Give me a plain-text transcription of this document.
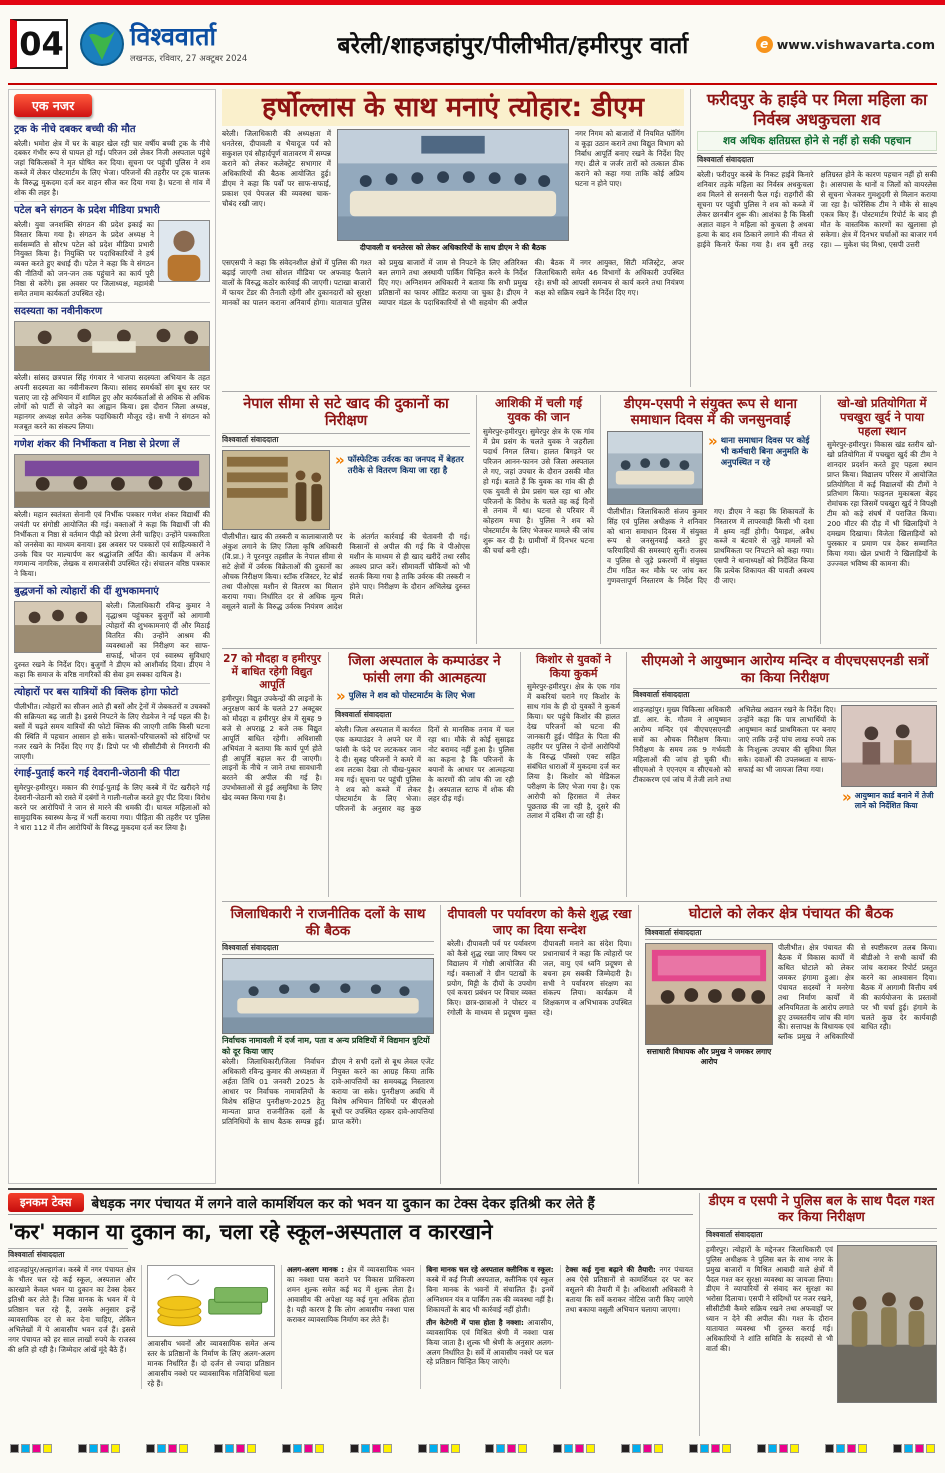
04	विश्ववार्ता
लखनऊ, रविवार, 27 अक्टूबर 2024	बरेली/शाहजहांपुर/पीलीभीत/हमीरपुर वार्ता	e www.vishwavarta.com
एक नजर
ट्रक के नीचे दबकर बच्ची की मौत
बरेली। भमोरा क्षेत्र में घर के बाहर खेल रही चार वर्षीय बच्ची ट्रक के नीचे दबकर गंभीर रूप से घायल हो गई। परिजन उसे लेकर निजी अस्पताल पहुंचे जहां चिकित्सकों ने मृत घोषित कर दिया। सूचना पर पहुंची पुलिस ने शव कब्जे में लेकर पोस्टमार्टम के लिए भेजा। परिजनों की तहरीर पर ट्रक चालक के विरुद्ध मुकदमा दर्ज कर वाहन सीज कर दिया गया है। घटना से गांव में शोक की लहर है।
पटेल बने संगठन के प्रदेश मीडिया प्रभारी
बरेली। युवा जनशक्ति संगठन की प्रदेश इकाई का विस्तार किया गया है। संगठन के प्रदेश अध्यक्ष ने सर्वसम्मति से सौरभ पटेल को प्रदेश मीडिया प्रभारी नियुक्त किया है। नियुक्ति पर पदाधिकारियों ने हर्ष व्यक्त करते हुए बधाई दी। पटेल ने कहा कि वे संगठन की नीतियों को जन-जन तक पहुंचाने का कार्य पूरी निष्ठा से करेंगे। इस अवसर पर जिलाध्यक्ष, महामंत्री समेत तमाम कार्यकर्ता उपस्थित रहे।
सदस्यता का नवीनीकरण
बरेली। सांसद छत्रपाल सिंह गंगवार ने भाजपा सदस्यता अभियान के तहत अपनी सदस्यता का नवीनीकरण किया। सांसद समर्थकों संग बूथ स्तर पर चलाए जा रहे अभियान में शामिल हुए और कार्यकर्ताओं से अधिक से अधिक लोगों को पार्टी से जोड़ने का आह्वान किया। इस दौरान जिला अध्यक्ष, महानगर अध्यक्ष समेत अनेक पदाधिकारी मौजूद रहे। सभी ने संगठन को मजबूत करने का संकल्प लिया।
गणेश शंकर की निर्भीकता व निष्ठा से प्रेरणा लें
बरेली। महान स्वतंत्रता सेनानी एवं निर्भीक पत्रकार गणेश शंकर विद्यार्थी की जयंती पर संगोष्ठी आयोजित की गई। वक्ताओं ने कहा कि विद्यार्थी जी की निर्भीकता व निष्ठा से वर्तमान पीढ़ी को प्रेरणा लेनी चाहिए। उन्होंने पत्रकारिता को जनसेवा का माध्यम बनाया। इस अवसर पर पत्रकारों एवं साहित्यकारों ने उनके चित्र पर माल्यार्पण कर श्रद्धांजलि अर्पित की। कार्यक्रम में अनेक गणमान्य नागरिक, लेखक व समाजसेवी उपस्थित रहे। संचालन वरिष्ठ पत्रकार ने किया।
बुद्धजनों को त्योहारों की दीं शुभकामनाएं
बरेली। जिलाधिकारी रविन्द्र कुमार ने वृद्धाश्रम पहुंचकर बुजुर्गों को आगामी त्योहारों की शुभकामनाएं दीं और मिठाई वितरित की। उन्होंने आश्रम की व्यवस्थाओं का निरीक्षण कर साफ-सफाई, भोजन एवं स्वास्थ्य सुविधाएं दुरुस्त रखने के निर्देश दिए। बुजुर्गों ने डीएम को आशीर्वाद दिया। डीएम ने कहा कि समाज के वरिष्ठ नागरिकों की सेवा हम सबका दायित्व है।
त्योहारों पर बस यात्रियों की क्लिक होगा फोटो
पीलीभीत। त्योहारों का सीजन आते ही बसों और ट्रेनों में जेबकतरों व उचक्कों की सक्रियता बढ़ जाती है। इससे निपटने के लिए रोडवेज ने नई पहल की है। बसों में चढ़ते समय यात्रियों की फोटो क्लिक की जाएगी ताकि किसी घटना की स्थिति में पहचान आसान हो सके। चालकों-परिचालकों को संदिग्धों पर नजर रखने के निर्देश दिए गए हैं। डिपो पर भी सीसीटीवी से निगरानी की जाएगी।
रंगाई-पुताई करने गई देवरानी-जेठानी की पीटा
सुमेरपुर-हमीरपुर। मकान की रंगाई-पुताई के लिए कस्बे में पेंट खरीदने गई देवरानी-जेठानी को रास्ते में दबंगों ने गाली-गलौज करते हुए पीट दिया। विरोध करने पर आरोपियों ने जान से मारने की धमकी दी। घायल महिलाओं को सामुदायिक स्वास्थ्य केन्द्र में भर्ती कराया गया। पीड़िता की तहरीर पर पुलिस ने धारा 112 में तीन आरोपियों के विरुद्ध मुकदमा दर्ज कर लिया है।
हर्षोल्लास के साथ मनाएं त्योहार: डीएम
बरेली। जिलाधिकारी की अध्यक्षता में धनतेरस, दीपावली व भैयादूज पर्व को सकुशल एवं सौहार्दपूर्ण वातावरण में सम्पन्न कराने को लेकर कलेक्ट्रेट सभागार में अधिकारियों की बैठक आयोजित हुई। डीएम ने कहा कि पर्वों पर साफ-सफाई, प्रकाश एवं पेयजल की व्यवस्था चाक-चौबंद रखी जाए।
दीपावली व धनतेरस को लेकर अधिकारियों के साथ डीएम ने की बैठक
नगर निगम को बाजारों में नियमित फॉगिंग व कूड़ा उठान कराने तथा विद्युत विभाग को निर्बाध आपूर्ति बनाए रखने के निर्देश दिए गए। ढीले व जर्जर तारों को तत्काल ठीक कराने को कहा गया ताकि कोई अप्रिय घटना न होने पाए।
एसएसपी ने कहा कि संवेदनशील क्षेत्रों में पुलिस की गश्त बढ़ाई जाएगी तथा सोशल मीडिया पर अफवाह फैलाने वालों के विरुद्ध कठोर कार्रवाई की जाएगी। पटाखा बाजारों में फायर टेंडर की तैनाती रहेगी और दुकानदारों को सुरक्षा मानकों का पालन कराना अनिवार्य होगा। यातायात पुलिस को प्रमुख बाजारों में जाम से निपटने के लिए अतिरिक्त बल लगाने तथा अस्थायी पार्किंग चिन्हित करने के निर्देश दिए गए। अग्निशमन अधिकारी ने बताया कि सभी प्रमुख प्रतिष्ठानों का फायर ऑडिट कराया जा चुका है। डीएम ने व्यापार मंडल के पदाधिकारियों से भी सहयोग की अपील की। बैठक में नगर आयुक्त, सिटी मजिस्ट्रेट, अपर जिलाधिकारी समेत 46 विभागों के अधिकारी उपस्थित रहे। सभी को आपसी समन्वय से कार्य करने तथा नियंत्रण कक्ष को सक्रिय रखने के निर्देश दिए गए।
फरीदपुर के हाईवे पर मिला महिला का निर्वस्त्र अधकुचला शव
शव अधिक क्षतिग्रस्त होने से नहीं हो सकी पहचान
विश्ववार्ता संवाददाता
बरेली। फरीदपुर कस्बे के निकट हाईवे किनारे शनिवार तड़के महिला का निर्वस्त्र अधकुचला शव मिलने से सनसनी फैल गई। राहगीरों की सूचना पर पहुंची पुलिस ने शव को कब्जे में लेकर छानबीन शुरू की। आशंका है कि किसी अज्ञात वाहन ने महिला को कुचला है अथवा हत्या के बाद शव ठिकाने लगाने की नीयत से हाईवे किनारे फेंका गया है। शव बुरी तरह क्षतिग्रस्त होने के कारण पहचान नहीं हो सकी है। आसपास के थानों व जिलों को वायरलेस से सूचना भेजकर गुमशुदगी से मिलान कराया जा रहा है। फोरेंसिक टीम ने मौके से साक्ष्य एकत्र किए हैं। पोस्टमार्टम रिपोर्ट के बाद ही मौत के वास्तविक कारणों का खुलासा हो सकेगा। क्षेत्र में दिनभर चर्चाओं का बाजार गर्म रहा। — मुकेश चंद मिश्रा, एसपी उत्तरी
नेपाल सीमा से सटे खाद की दुकानों का निरीक्षण
विश्ववार्ता संवाददाता
» फॉस्फेटिक उर्वरक का जनपद में बेहतर तरीके से वितरण किया जा रहा है
पीलीभीत। खाद की तस्करी व कालाबाजारी पर अंकुश लगाने के लिए जिला कृषि अधिकारी (वि.प्रा.) ने पूरनपुर तहसील के नेपाल सीमा से सटे क्षेत्रों में उर्वरक विक्रेताओं की दुकानों का औचक निरीक्षण किया। स्टॉक रजिस्टर, रेट बोर्ड तथा पीओएस मशीन से वितरण का मिलान कराया गया। निर्धारित दर से अधिक मूल्य वसूलने वालों के विरुद्ध उर्वरक नियंत्रण आदेश के अंतर्गत कार्रवाई की चेतावनी दी गई। किसानों से अपील की गई कि वे पीओएस मशीन के माध्यम से ही खाद खरीदें तथा रसीद अवश्य प्राप्त करें। सीमावर्ती चौकियों को भी सतर्क किया गया है ताकि उर्वरक की तस्करी न होने पाए। निरीक्षण के दौरान अभिलेख दुरुस्त मिले।
आशिकी में चली गई युवक की जान
सुमेरपुर-हमीरपुर। सुमेरपुर क्षेत्र के एक गांव में प्रेम प्रसंग के चलते युवक ने जहरीला पदार्थ निगल लिया। हालत बिगड़ने पर परिजन आनन-फानन उसे जिला अस्पताल ले गए, जहां उपचार के दौरान उसकी मौत हो गई। बताते हैं कि युवक का गांव की ही एक युवती से प्रेम प्रसंग चल रहा था और परिजनों के विरोध के चलते वह कई दिनों से तनाव में था। घटना से परिवार में कोहराम मचा है। पुलिस ने शव को पोस्टमार्टम के लिए भेजकर मामले की जांच शुरू कर दी है। ग्रामीणों में दिनभर घटना की चर्चा बनी रही।
डीएम-एसपी ने संयुक्त रूप से थाना समाधान दिवस में की जनसुनवाई
» थाना समाधान दिवस पर कोई भी कर्मचारी बिना अनुमति के अनुपस्थित न रहे
पीलीभीत। जिलाधिकारी संजय कुमार सिंह एवं पुलिस अधीक्षक ने शनिवार को थाना समाधान दिवस में संयुक्त रूप से जनसुनवाई करते हुए फरियादियों की समस्याएं सुनीं। राजस्व व पुलिस से जुड़े प्रकरणों में संयुक्त टीम गठित कर मौके पर जांच कर गुणवत्तापूर्ण निस्तारण के निर्देश दिए गए। डीएम ने कहा कि शिकायतों के निस्तारण में लापरवाही किसी भी दशा में क्षम्य नहीं होगी। पैमाइश, अवैध कब्जे व बंटवारे से जुड़े मामलों को प्राथमिकता पर निपटाने को कहा गया। एसपी ने थानाध्यक्षों को निर्देशित किया कि प्रत्येक शिकायत की पावती अवश्य दी जाए।
खो-खो प्रतियोगिता में पचखुरा खुर्द ने पाया पहला स्थान
सुमेरपुर-हमीरपुर। विकास खंड स्तरीय खो-खो प्रतियोगिता में पचखुरा खुर्द की टीम ने शानदार प्रदर्शन करते हुए पहला स्थान प्राप्त किया। विद्यालय परिसर में आयोजित प्रतियोगिता में कई विद्यालयों की टीमों ने प्रतिभाग किया। फाइनल मुकाबला बेहद रोमांचक रहा जिसमें पचखुरा खुर्द ने विपक्षी टीम को कड़े संघर्ष में पराजित किया। 200 मीटर की दौड़ में भी खिलाड़ियों ने दमखम दिखाया। विजेता खिलाड़ियों को पुरस्कार व प्रमाण पत्र देकर सम्मानित किया गया। खेल प्रभारी ने खिलाड़ियों के उज्ज्वल भविष्य की कामना की।
27 को मौदहा व हमीरपुर में बाधित रहेगी विद्युत आपूर्ति
हमीरपुर। विद्युत उपकेन्द्रों की लाइनों के अनुरक्षण कार्य के चलते 27 अक्टूबर को मौदहा व हमीरपुर क्षेत्र में सुबह 9 बजे से अपराह्न 2 बजे तक विद्युत आपूर्ति बाधित रहेगी। अधिशासी अभियंता ने बताया कि कार्य पूर्ण होते ही आपूर्ति बहाल कर दी जाएगी। लाइनों के नीचे न जाने तथा सावधानी बरतने की अपील की गई है। उपभोक्ताओं से हुई असुविधा के लिए खेद व्यक्त किया गया है।
जिला अस्पताल के कम्पाउंडर ने फांसी लगा की आत्महत्या
» पुलिस ने शव को पोस्टमार्टम के लिए भेजा
विश्ववार्ता संवाददाता
बरेली। जिला अस्पताल में कार्यरत एक कम्पाउंडर ने अपने घर में फांसी के फंदे पर लटककर जान दे दी। सुबह परिजनों ने कमरे में शव लटका देखा तो चीख-पुकार मच गई। सूचना पर पहुंची पुलिस ने शव को कब्जे में लेकर पोस्टमार्टम के लिए भेजा। परिजनों के अनुसार वह कुछ दिनों से मानसिक तनाव में चल रहा था। मौके से कोई सुसाइड नोट बरामद नहीं हुआ है। पुलिस का कहना है कि परिजनों के बयानों के आधार पर आत्महत्या के कारणों की जांच की जा रही है। अस्पताल स्टाफ में शोक की लहर दौड़ गई।
किशोर से युवकों ने किया कुकर्म
सुमेरपुर-हमीरपुर। क्षेत्र के एक गांव में बकरियां चराने गए किशोर के साथ गांव के ही दो युवकों ने कुकर्म किया। घर पहुंचे किशोर की हालत देख परिजनों को घटना की जानकारी हुई। पीड़ित के पिता की तहरीर पर पुलिस ने दोनों आरोपियों के विरुद्ध पॉक्सो एक्ट सहित संबंधित धाराओं में मुकदमा दर्ज कर लिया है। किशोर को मेडिकल परीक्षण के लिए भेजा गया है। एक आरोपी को हिरासत में लेकर पूछताछ की जा रही है, दूसरे की तलाश में दबिश दी जा रही है।
सीएमओ ने आयुष्मान आरोग्य मन्दिर व वीएचएसएनडी सत्रों का किया निरीक्षण
विश्ववार्ता संवाददाता
शाहजहांपुर। मुख्य चिकित्सा अधिकारी डॉ. आर. के. गौतम ने आयुष्मान आरोग्य मन्दिर एवं वीएचएसएनडी सत्रों का औचक निरीक्षण किया। निरीक्षण के समय तक 9 गर्भवती महिलाओं की जांच हो चुकी थी। सीएमओ ने एएनएम व सीएचओ को टीकाकरण एवं जांच में तेजी लाने तथा अभिलेख अद्यतन रखने के निर्देश दिए। उन्होंने कहा कि पात्र लाभार्थियों के आयुष्मान कार्ड प्राथमिकता पर बनाए जाएं ताकि उन्हें पांच लाख रुपये तक के निःशुल्क उपचार की सुविधा मिल सके। दवाओं की उपलब्धता व साफ-सफाई का भी जायजा लिया गया।
» आयुष्मान कार्ड बनाने में तेजी लाने को निर्देशित किया
जिलाधिकारी ने राजनीतिक दलों के साथ की बैठक
विश्ववार्ता संवाददाता
निर्वाचक नामावली में दर्ज नाम, पता व अन्य प्रविष्टियों में विद्यमान त्रुटियों को दूर किया जाए
बरेली। जिलाधिकारी/जिला निर्वाचन अधिकारी रविन्द्र कुमार की अध्यक्षता में अर्हता तिथि 01 जनवरी 2025 के आधार पर निर्वाचक नामावलियों के विशेष संक्षिप्त पुनरीक्षण-2025 हेतु मान्यता प्राप्त राजनीतिक दलों के प्रतिनिधियों के साथ बैठक सम्पन्न हुई। डीएम ने सभी दलों से बूथ लेवल एजेंट नियुक्त करने का आग्रह किया ताकि दावे-आपत्तियों का समयबद्ध निस्तारण कराया जा सके। पुनरीक्षण अवधि में विशेष अभियान तिथियों पर बीएलओ बूथों पर उपस्थित रहकर दावे-आपत्तियां प्राप्त करेंगे।
दीपावली पर पर्यावरण को कैसे शुद्ध रखा जाए का दिया सन्देश
बरेली। दीपावली पर्व पर पर्यावरण को कैसे शुद्ध रखा जाए विषय पर विद्यालय में गोष्ठी आयोजित की गई। वक्ताओं ने ग्रीन पटाखों के प्रयोग, मिट्टी के दीयों के उपयोग एवं कचरा प्रबंधन पर विचार व्यक्त किए। छात्र-छात्राओं ने पोस्टर व रंगोली के माध्यम से प्रदूषण मुक्त दीपावली मनाने का संदेश दिया। प्रधानाचार्य ने कहा कि त्योहारों पर जल, वायु एवं ध्वनि प्रदूषण से बचना हम सबकी जिम्मेदारी है। सभी ने पर्यावरण संरक्षण का संकल्प लिया। कार्यक्रम में शिक्षकगण व अभिभावक उपस्थित रहे।
घोटाले को लेकर क्षेत्र पंचायत की बैठक
विश्ववार्ता संवाददाता
सत्ताधारी विधायक और प्रमुख ने जमकर लगाए आरोप
पीलीभीत। क्षेत्र पंचायत की बैठक में विकास कार्यों में कथित घोटाले को लेकर जमकर हंगामा हुआ। क्षेत्र पंचायत सदस्यों ने मनरेगा तथा निर्माण कार्यों में अनियमितता के आरोप लगाते हुए उच्चस्तरीय जांच की मांग की। सत्तापक्ष के विधायक एवं ब्लॉक प्रमुख ने अधिकारियों से स्पष्टीकरण तलब किया। बीडीओ ने सभी कार्यों की जांच कराकर रिपोर्ट प्रस्तुत करने का आश्वासन दिया। बैठक में आगामी वित्तीय वर्ष की कार्ययोजना के प्रस्तावों पर भी चर्चा हुई। हंगामे के चलते कुछ देर कार्यवाही बाधित रही।
इनकम टेक्स	बेधड़क नगर पंचायत में लगने वाले कामर्शियल कर को भवन या दुकान का टेक्स देकर इतिश्री कर लेते हैं
'कर' मकान या दुकान का, चला रहे स्कूल-अस्पताल व कारखाने
विश्ववार्ता संवाददाता
शाहजहांपुर/अल्हागंज। कस्बे में नगर पंचायत क्षेत्र के भीतर चल रहे कई स्कूल, अस्पताल और कारखाने केवल भवन या दुकान का टेक्स देकर इतिश्री कर लेते हैं। जिस मानक के भवन में ये प्रतिष्ठान चल रहे हैं, उसके अनुसार इन्हें व्यावसायिक दर से कर देना चाहिए, लेकिन अभिलेखों में ये आवासीय भवन दर्ज हैं। इससे नगर पंचायत को हर साल लाखों रुपये के राजस्व की क्षति हो रही है। जिम्मेदार आंखें मूंदे बैठे हैं।
आवासीय भवनों और व्यावसायिक समेत अन्य स्तर के प्रतिष्ठानों के निर्माण के लिए अलग-अलग मानक निर्धारित हैं। दो दर्जन से ज्यादा प्रतिष्ठान आवासीय नक्शे पर व्यावसायिक गतिविधियां चला रहे हैं।
अलग-अलग मानक : क्षेत्र में व्यावसायिक भवन का नक्शा पास कराने पर विकास प्राधिकरण शमन शुल्क समेत कई मद में शुल्क लेता है। आवासीय की अपेक्षा यह कई गुना अधिक होता है। यही कारण है कि लोग आवासीय नक्शा पास कराकर व्यावसायिक निर्माण कर लेते हैं।
बिना मानक चल रहे अस्पताल क्लीनिक व स्कूल: कस्बे में कई निजी अस्पताल, क्लीनिक एवं स्कूल बिना मानक के भवनों में संचालित हैं। इनमें अग्निशमन यंत्र व पार्किंग तक की व्यवस्था नहीं है। शिकायतों के बाद भी कार्रवाई नहीं होती।
तीन केटेगरी में पास होता है नक्शा: आवासीय, व्यावसायिक एवं मिश्रित श्रेणी में नक्शा पास किया जाता है। शुल्क भी श्रेणी के अनुसार अलग-अलग निर्धारित है। सर्वे में आवासीय नक्शे पर चल रहे प्रतिष्ठान चिन्हित किए जाएंगे।
टेक्स कई गुना बढ़ाने की तैयारी: नगर पंचायत अब ऐसे प्रतिष्ठानों से कामर्शियल दर पर कर वसूलने की तैयारी में है। अधिशासी अधिकारी ने बताया कि सर्वे कराकर नोटिस जारी किए जाएंगे तथा बकाया वसूली अभियान चलाया जाएगा।
डीएम व एसपी ने पुलिस बल के साथ पैदल गश्त कर किया निरीक्षण
विश्ववार्ता संवाददाता
हमीरपुर। त्योहारों के मद्देनजर जिलाधिकारी एवं पुलिस अधीक्षक ने पुलिस बल के साथ नगर के प्रमुख बाजारों व मिश्रित आबादी वाले क्षेत्रों में पैदल गश्त कर सुरक्षा व्यवस्था का जायजा लिया। डीएम ने व्यापारियों से संवाद कर सुरक्षा का भरोसा दिलाया। एसपी ने संदिग्धों पर नजर रखने, सीसीटीवी कैमरे सक्रिय रखने तथा अफवाहों पर ध्यान न देने की अपील की। गश्त के दौरान यातायात व्यवस्था भी दुरुस्त कराई गई। अधिकारियों ने शांति समिति के सदस्यों से भी वार्ता की।
